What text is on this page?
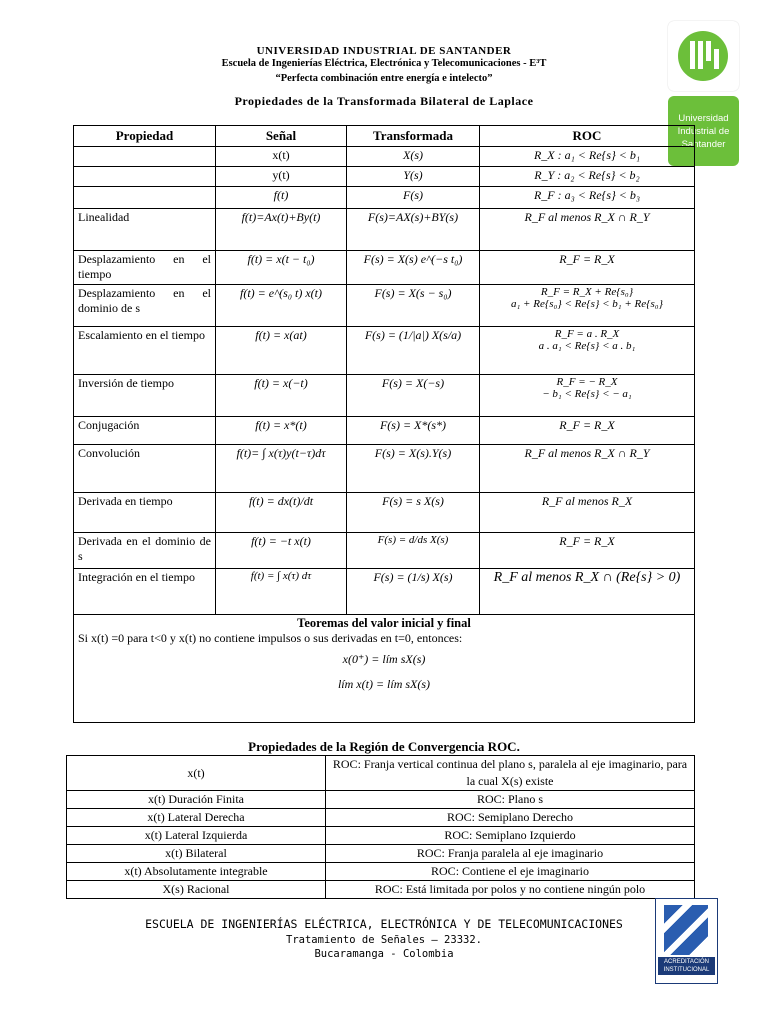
UNIVERSIDAD INDUSTRIAL DE SANTANDER
Escuela de Ingenierías Eléctrica, Electrónica y Telecomunicaciones - E³T
“Perfecta combinación entre energía e intelecto”
Propiedades de la Transformada Bilateral de Laplace
Universidad Industrial de Santander
Propiedad	Señal	Transformada	ROC
	x(t)	X(s)	R_X : a₁ < Re{s} < b₁
	y(t)	Y(s)	R_Y : a₂ < Re{s} < b₂
	f(t)	F(s)	R_F : a₃ < Re{s} < b₃
Linealidad	f(t)=Ax(t)+By(t)	F(s)=AX(s)+BY(s)	R_F al menos R_X ∩ R_Y
Desplazamiento en el tiempo	f(t) = x(t − t₀)	F(s) = X(s) e^(−s t₀)	R_F = R_X
Desplazamiento en el dominio de s	f(t) = e^(s₀ t) x(t)	F(s) = X(s − s₀)	R_F = R_X + Re{s₀}
a₁ + Re{s₀} < Re{s} < b₁ + Re{s₀}

Escalamiento en el tiempo	f(t) = x(at)	F(s) = (1/|a|) X(s/a)	R_F = a . R_X
a . a₁ < Re{s} < a . b₁

Inversión de tiempo	f(t) = x(−t)	F(s) = X(−s)	R_F = − R_X
− b₁ < Re{s} < − a₁

Conjugación	f(t) = x*(t)	F(s) = X*(s*)	R_F = R_X
Convolución	f(t)= ∫ x(τ)y(t−τ)dτ	F(s) = X(s).Y(s)	R_F al menos R_X ∩ R_Y
Derivada en tiempo	f(t) = dx(t)/dt	F(s) = s X(s)	R_F al menos R_X
Derivada en el dominio de s	f(t) = −t x(t)	F(s) = d/ds X(s)	R_F = R_X
Integración en el tiempo	f(t) = ∫ x(τ) dτ	F(s) = (1/s) X(s)	R_F al menos R_X ∩ (Re{s} > 0)

Teoremas del valor inicial y final
Si x(t) =0 para t<0 y x(t) no contiene impulsos o sus derivadas en t=0, entonces:
x(0⁺) = lím sX(s)
lím x(t) = lím sX(s)			
Propiedades de la Región de Convergencia ROC.
x(t)	ROC: Franja vertical continua del plano s, paralela al eje imaginario, para la cual X(s) existe
x(t) Duración Finita	ROC: Plano s
x(t) Lateral Derecha	ROC: Semiplano Derecho
x(t) Lateral Izquierda	ROC: Semiplano Izquierdo
x(t) Bilateral	ROC: Franja paralela al eje imaginario
x(t) Absolutamente integrable	ROC: Contiene el eje imaginario
X(s) Racional	ROC: Está limitada por polos y no contiene ningún polo
ESCUELA DE INGENIERÍAS ELÉCTRICA, ELECTRÓNICA Y DE TELECOMUNICACIONES
Tratamiento de Señales – 23332.
Bucaramanga - Colombia
ACREDITACIÓN INSTITUCIONAL
